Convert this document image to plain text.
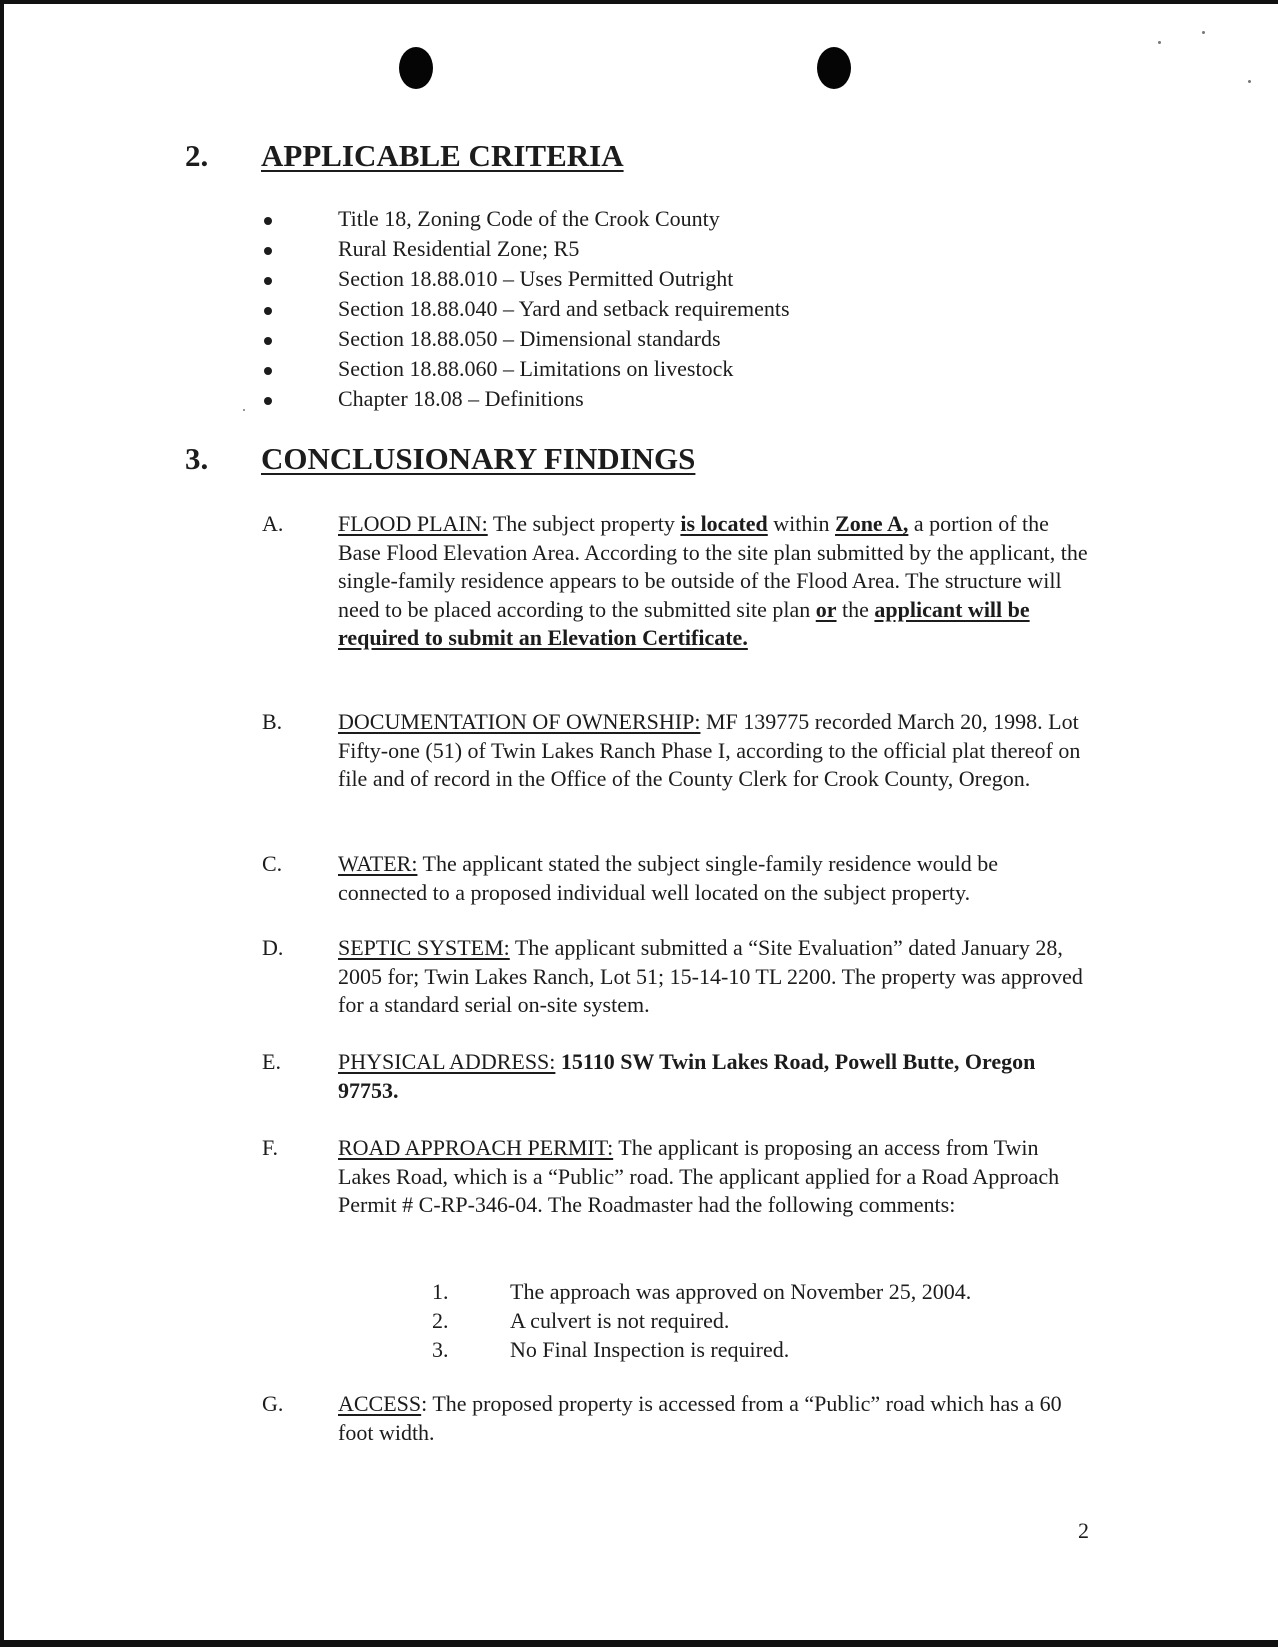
2. APPLICABLE CRITERIA
Title 18, Zoning Code of the Crook County
Rural Residential Zone; R5
Section 18.88.010 – Uses Permitted Outright
Section 18.88.040 – Yard and setback requirements
Section 18.88.050 – Dimensional standards
Section 18.88.060 – Limitations on livestock
Chapter 18.08 – Definitions
3. CONCLUSIONARY FINDINGS
A. FLOOD PLAIN: The subject property is located within Zone A, a portion of the Base Flood Elevation Area. According to the site plan submitted by the applicant, the single-family residence appears to be outside of the Flood Area. The structure will need to be placed according to the submitted site plan or the applicant will be required to submit an Elevation Certificate.
B.	DOCUMENTATION OF OWNERSHIP: MF 139775 recorded March 20, 1998. Lot Fifty-one (51) of Twin Lakes Ranch Phase I, according to the official plat thereof on file and of record in the Office of the County Clerk for Crook County, Oregon.
C.	WATER: The applicant stated the subject single-family residence would be connected to a proposed individual well located on the subject property.
D. SEPTIC SYSTEM: The applicant submitted a “Site Evaluation” dated January 28, 2005 for; Twin Lakes Ranch, Lot 51; 15-14-10 TL 2200. The property was approved for a standard serial on-site system.
E.	PHYSICAL ADDRESS: 15110 SW Twin Lakes Road, Powell Butte, Oregon 97753.
F.	ROAD APPROACH PERMIT: The applicant is proposing an access from Twin Lakes Road, which is a “Public” road. The applicant applied for a Road Approach Permit # C-RP-346-04. The Roadmaster had the following comments:
1.	The approach was approved on November 25, 2004.
2.	A culvert is not required.
3.	No Final Inspection is required.
G. ACCESS: The proposed property is accessed from a “Public” road which has a 60 foot width.
2
